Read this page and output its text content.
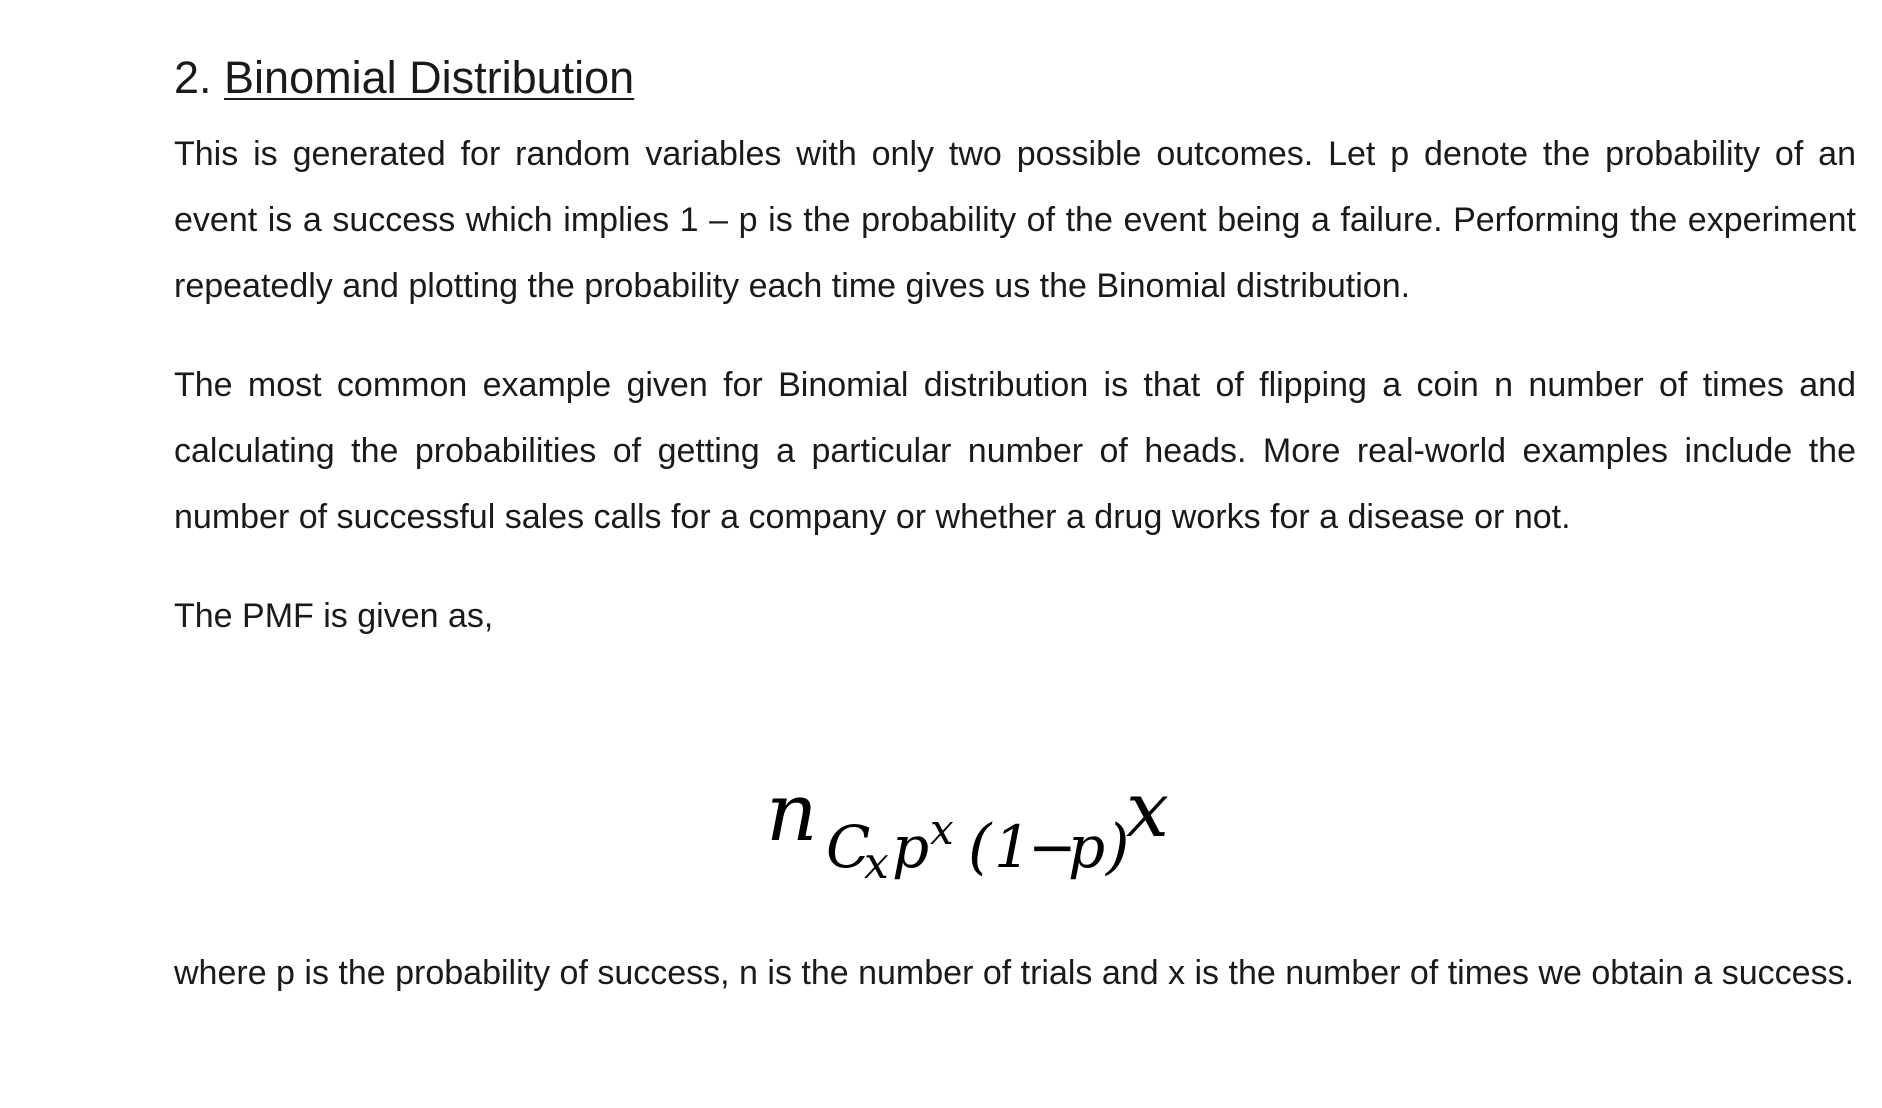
2. Binomial Distribution

This is generated for random variables with only two possible outcomes. Let p denote the probability of an event is a success which implies 1 – p is the probability of the event being a failure. Performing the experiment repeatedly and plotting the probability each time gives us the Binomial distribution.

The most common example given for Binomial distribution is that of flipping a coin n number of times and calculating the probabilities of getting a particular number of heads. More real-world examples include the number of successful sales calls for a company or whether a drug works for a disease or not.

The PMF is given as,

n C
x p x ( 1
−
p )
x

where p is the probability of success, n is the number of trials and x is the number of times we obtain a success.
